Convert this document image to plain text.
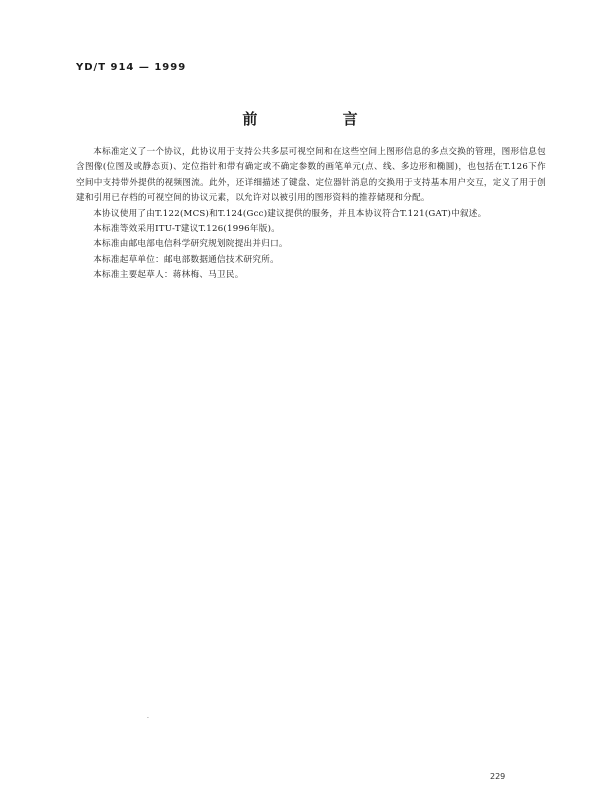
YD/T 914 — 1999
前 言

本标准定义了一个协议，此协议用于支持公共多层可视空间和在这些空间上图形信息的多点交换的管理，图形信息包含图像(位图及或静态页)、定位指针和带有确定或不确定参数的画笔单元(点、线、多边形和椭圆)，也包括在T.126下作空间中支持带外提供的视频图流。此外，还详细描述了键盘、定位器针消息的交换用于支持基本用户交互，定义了用于创建和引用已存档的可视空间的协议元素，以允许对以被引用的图形资料的推荐储现和分配。

本协议使用了由T.122(MCS)和T.124(Gcc)建议提供的服务，并且本协议符合T.121(GAT)中叙述。

本标准等效采用ITU-T建议T.126(1996年版)。

本标准由邮电部电信科学研究规划院提出并归口。

本标准起草单位：邮电部数据通信技术研究所。

本标准主要起草人：蒋林梅、马卫民。

·
229
